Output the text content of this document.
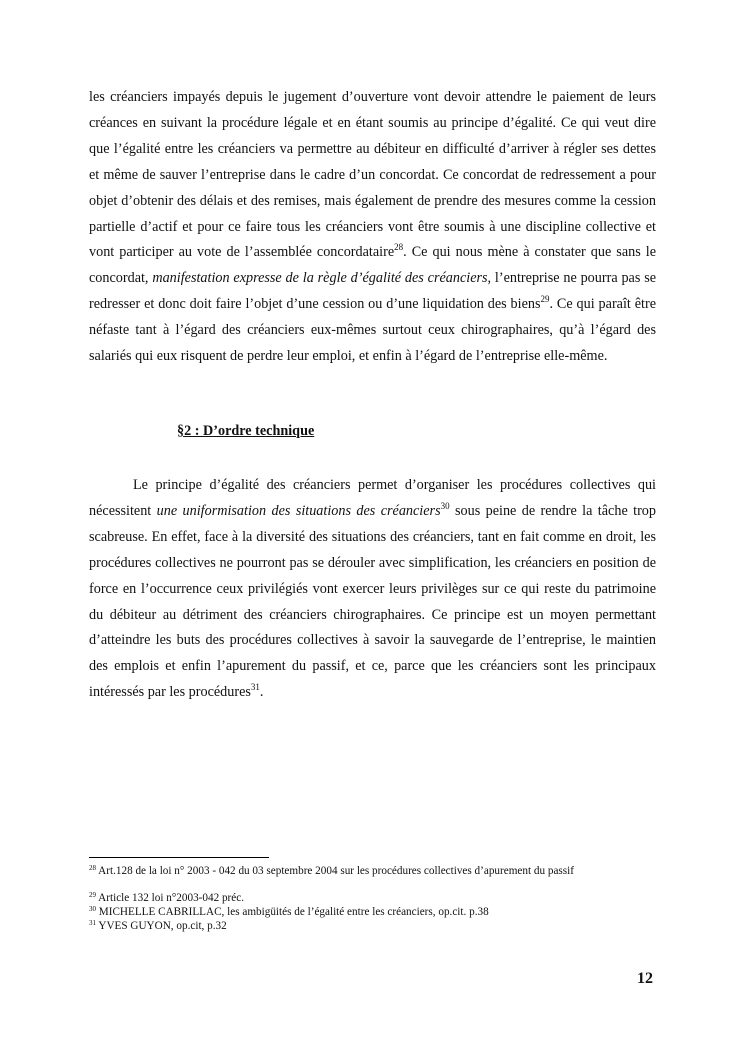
les créanciers impayés depuis le jugement d’ouverture vont devoir attendre le paiement de leurs créances en suivant la procédure légale et en étant soumis au principe d’égalité. Ce qui veut dire que l’égalité entre les créanciers va permettre au débiteur en difficulté d’arriver à régler ses dettes et même de sauver l’entreprise dans le cadre d’un concordat. Ce concordat de redressement a pour objet d’obtenir des délais et des remises, mais également de prendre des mesures comme la cession partielle d’actif et pour ce faire tous les créanciers vont être soumis à une discipline collective et vont participer au vote de l’assemblée concordataire$^{28}$. Ce qui nous mène à constater que sans le concordat, manifestation expresse de la règle d’égalité des créanciers, l’entreprise ne pourra pas se redresser et donc doit faire l’objet d’une cession ou d’une liquidation des biens$^{29}$. Ce qui paraît être néfaste tant à l’égard des créanciers eux-mêmes surtout ceux chirographaires, qu’à l’égard des salariés qui eux risquent de perdre leur emploi, et enfin à l’égard de l’entreprise elle-même.

§2 : D’ordre technique

Le principe d’égalité des créanciers permet d’organiser les procédures collectives qui nécessitent une uniformisation des situations des créanciers$^{30}$ sous peine de rendre la tâche trop scabreuse. En effet, face à la diversité des situations des créanciers, tant en fait comme en droit, les procédures collectives ne pourront pas se dérouler avec simplification, les créanciers en position de force en l’occurrence ceux privilégiés vont exercer leurs privilèges sur ce qui reste du patrimoine du débiteur au détriment des créanciers chirographaires. Ce principe est un moyen permettant d’atteindre les buts des procédures collectives à savoir la sauvegarde de l’entreprise, le maintien des emplois et enfin l’apurement du passif, et ce, parce que les créanciers sont les principaux intéressés par les procédures$^{31}$.

$^{28}$ Art.128 de la loi n° 2003 - 042 du 03 septembre 2004 sur les procédures collectives d’apurement du passif

$^{29}$ Article 132 loi n°2003-042 préc.

$^{30}$ MICHELLE CABRILLAC, les ambigüités de l’égalité entre les créanciers, op.cit. p.38

$^{31}$ YVES GUYON, op.cit, p.32

12
